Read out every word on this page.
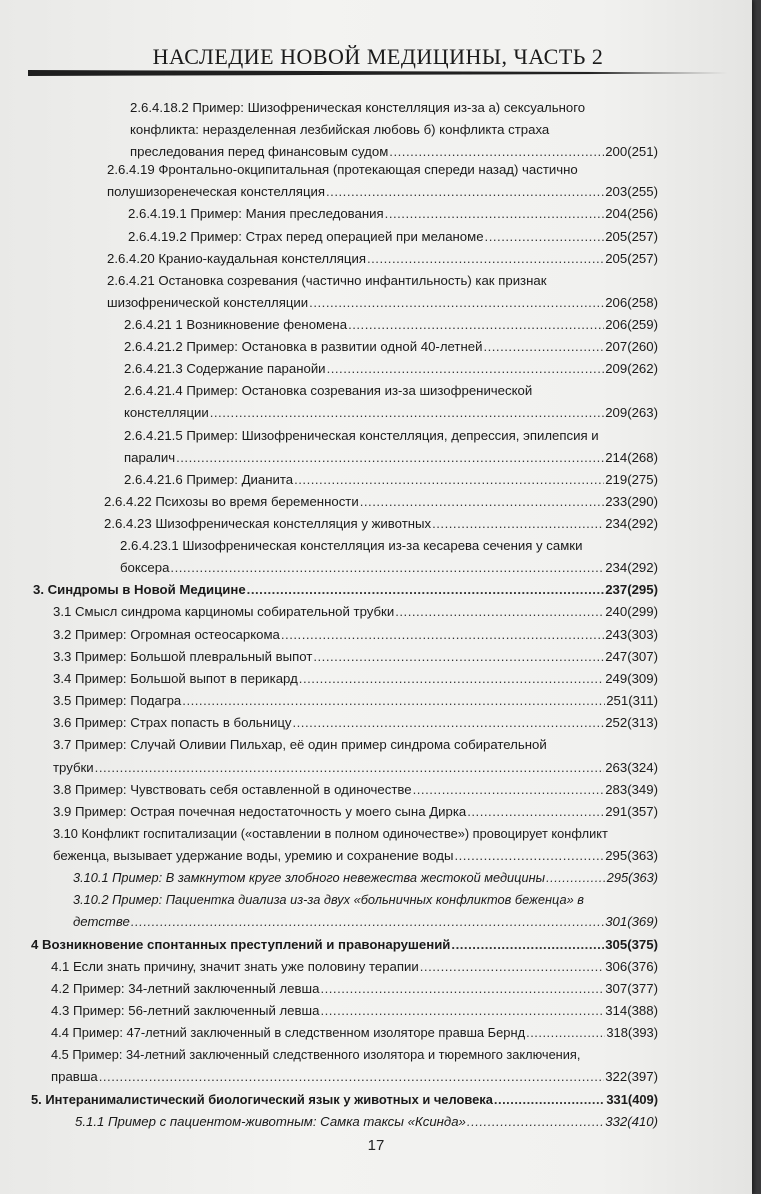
НАСЛЕДИЕ НОВОЙ МЕДИЦИНЫ, ЧАСТЬ 2
2.6.4.18.2 Пример: Шизофреническая констелляция из-за а) сексуального
конфликта: неразделенная лезбийская любовь б) конфликта страха
преследования перед финансовым судом .....	200(251)
2.6.4.19 Фронтально-окципитальная (протекающая спереди назад) частично
полушизоренеческая констелляция .....	203(255)
2.6.4.19.1 Пример: Мания преследования .....	204(256)
2.6.4.19.2 Пример: Страх перед операцией при меланоме .....	205(257)
2.6.4.20 Кранио-каудальная констелляция .....	205(257)
2.6.4.21 Остановка созревания (частично инфантильность) как признак
шизофренической констелляции .....	206(258)
2.6.4.21 1 Возникновение феномена .....	206(259)
2.6.4.21.2 Пример: Остановка в развитии одной 40-летней .....	207(260)
2.6.4.21.3 Содержание паранойи .....	209(262)
2.6.4.21.4 Пример: Остановка созревания из-за шизофренической
констелляции .....	209(263)
2.6.4.21.5 Пример: Шизофреническая констелляция, депрессия, эпилепсия и
паралич .....	214(268)
2.6.4.21.6 Пример: Дианита .....	219(275)
2.6.4.22 Психозы во время беременности .....	233(290)
2.6.4.23 Шизофреническая констелляция у животных .....	234(292)
2.6.4.23.1 Шизофреническая констелляция из-за кесарева сечения у самки
боксера .....	234(292)
3. Синдромы в Новой Медицине .....	237(295)
3.1 Смысл синдрома карциномы собирательной трубки .....	240(299)
3.2 Пример: Огромная остеосаркома .....	243(303)
3.3 Пример: Большой плевральный выпот .....	247(307)
3.4 Пример: Большой выпот в перикард .....	249(309)
3.5 Пример: Подагра .....	251(311)
3.6 Пример: Страх попасть в больницу .....	252(313)
3.7 Пример: Случай Оливии Пильхар, её один пример синдрома собирательной
трубки .....	263(324)
3.8 Пример: Чувствовать себя оставленной в одиночестве .....	283(349)
3.9 Пример: Острая почечная недостаточность у моего сына Дирка .....	291(357)
3.10 Конфликт госпитализации («оставлении в полном одиночестве») провоцирует конфликт
беженца, вызывает удержание воды, уремию и сохранение воды .....	295(363)
3.10.1 Пример: В замкнутом круге злобного невежества жестокой медицины .....	295(363)
3.10.2 Пример: Пациентка диализа из-за двух «больничных конфликтов беженца» в
детстве .....	301(369)
4 Возникновение спонтанных преступлений и правонарушений .....	305(375)
4.1 Если знать причину, значит знать уже половину терапии .....	306(376)
4.2 Пример: 34-летний заключенный левша .....	307(377)
4.3 Пример: 56-летний заключенный левша .....	314(388)
4.4 Пример: 47-летний заключенный в следственном изоляторе правша Бернд .....	318(393)
4.5 Пример: 34-летний заключенный следственного изолятора и тюремного заключения,
правша .....	322(397)
5. Интеранималистический биологический язык у животных и человека .....	331(409)
5.1.1 Пример с пациентом-животным: Самка таксы «Ксинда» .....	332(410)
17
